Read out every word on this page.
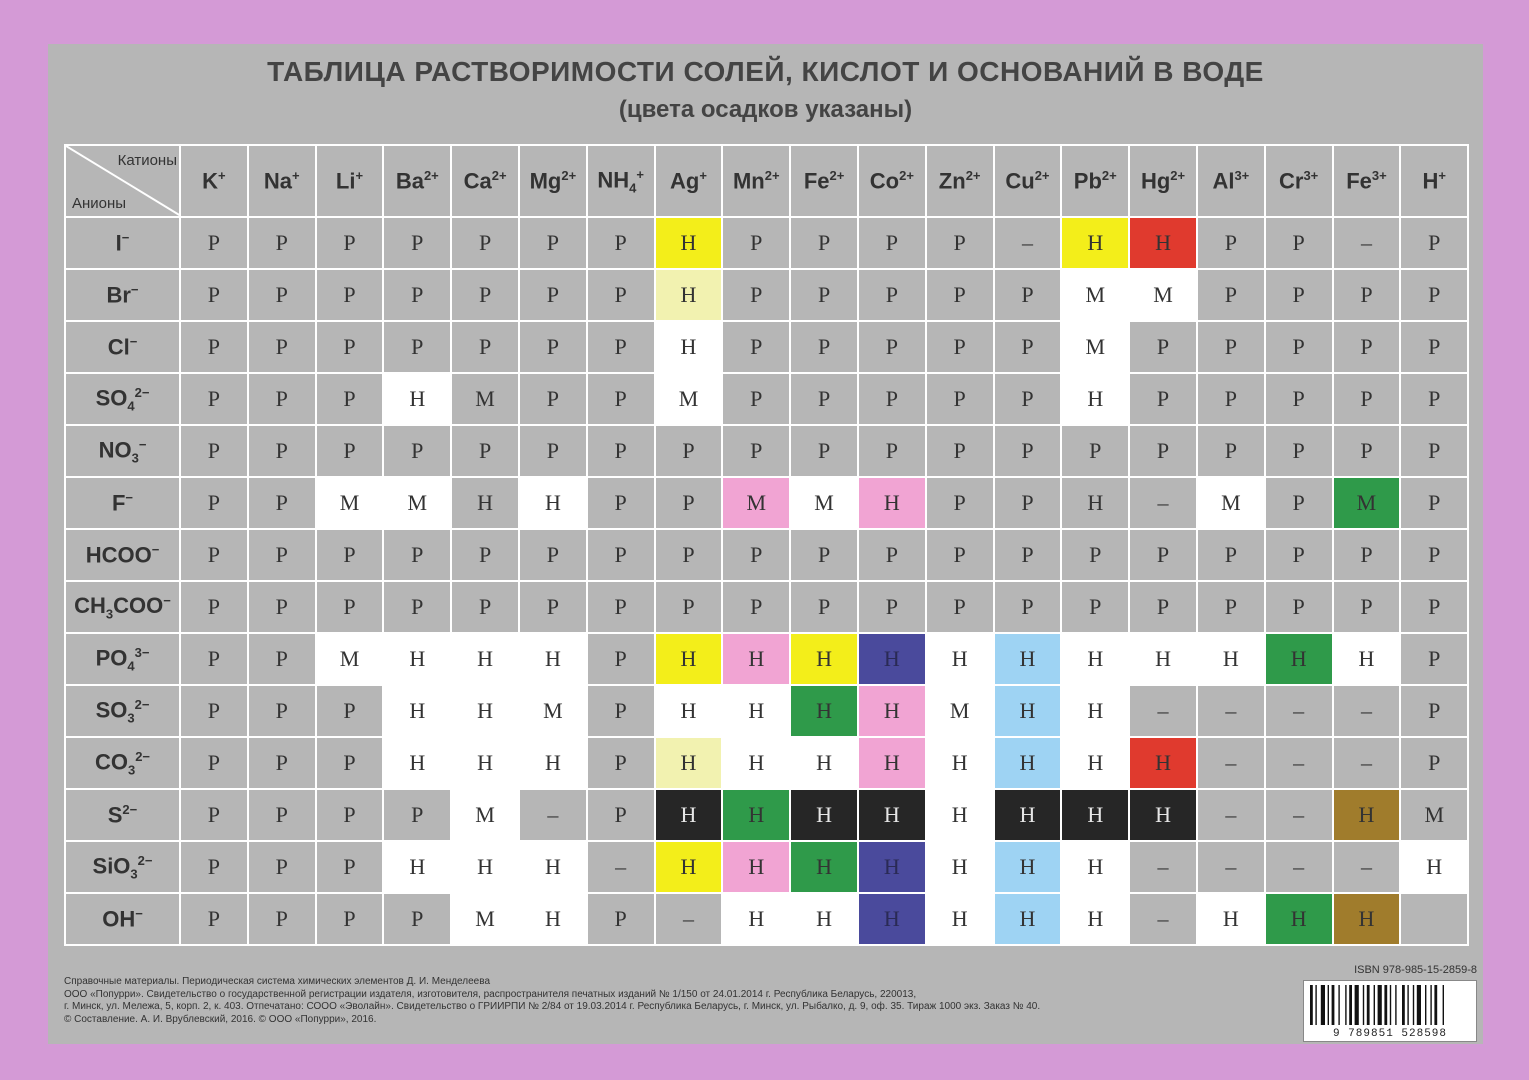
ТАБЛИЦА РАСТВОРИМОСТИ СОЛЕЙ, КИСЛОТ И ОСНОВАНИЙ В ВОДЕ
(цвета осадков указаны)
Катионы
Анионы	K+	Na+	Li+	$Ba^{2+}$	$Ca^{2+}$	$Mg^{2+}$	$NH_4^+$	Ag+	$Mn^{2+}$	$Fe^{2+}$	$Co^{2+}$	$Zn^{2+}$	$Cu^{2+}$	$Pb^{2+}$	$Hg^{2+}$	$Al^{3+}$	$Cr^{3+}$	$Fe^{3+}$	H+
I−	Р	Р	Р	Р	Р	Р	Р	Н	Р	Р	Р	Р	–	Н	Н	Р	Р	–	Р
Br−	Р	Р	Р	Р	Р	Р	Р	Н	Р	Р	Р	Р	Р	М	М	Р	Р	Р	Р
Cl−	Р	Р	Р	Р	Р	Р	Р	Н	Р	Р	Р	Р	Р	М	Р	Р	Р	Р	Р
$SO_4^{2-}$	Р	Р	Р	Н	М	Р	Р	М	Р	Р	Р	Р	Р	Н	Р	Р	Р	Р	Р
$NO_3^-$	Р	Р	Р	Р	Р	Р	Р	Р	Р	Р	Р	Р	Р	Р	Р	Р	Р	Р	Р
F−	Р	Р	М	М	Н	Н	Р	Р	М	М	Н	Р	Р	Н	–	М	Р	М	Р
HCOO−	Р	Р	Р	Р	Р	Р	Р	Р	Р	Р	Р	Р	Р	Р	Р	Р	Р	Р	Р
$CH_3COO^-$	Р	Р	Р	Р	Р	Р	Р	Р	Р	Р	Р	Р	Р	Р	Р	Р	Р	Р	Р
$PO_4^{3-}$	Р	Р	М	Н	Н	Н	Р	Н	Н	Н	Н	Н	Н	Н	Н	Н	Н	Н	Р
$SO_3^{2-}$	Р	Р	Р	Н	Н	М	Р	Н	Н	Н	Н	М	Н	Н	–	–	–	–	Р
$CO_3^{2-}$	Р	Р	Р	Н	Н	Н	Р	Н	Н	Н	Н	Н	Н	Н	Н	–	–	–	Р
$S^{2-}$	Р	Р	Р	Р	М	–	Р	Н	Н	Н	Н	Н	Н	Н	Н	–	–	Н	М
SiO$_3^{2-}$	Р	Р	Р	Н	Н	Н	–	Н	Н	Н	Н	Н	Н	Н	–	–	–	–	Н
OH−	Р	Р	Р	Р	М	Н	Р	–	Н	Н	Н	Н	Н	Н	–	Н	Н	Н	
Справочные материалы. Периодическая система химических элементов Д. И. Менделеева
ООО «Попурри». Свидетельство о государственной регистрации издателя, изготовителя, распространителя печатных изданий № 1/150 от 24.01.2014 г. Республика Беларусь, 220013,
г. Минск, ул. Мележа, 5, корп. 2, к. 403. Отпечатано: СООО «Эволайн». Свидетельство о ГРИИРПИ № 2/84 от 19.03.2014 г. Республика Беларусь, г. Минск, ул. Рыбалко, д. 9, оф. 35. Тираж 1000 экз. Заказ № 40.
© Составление. А. И. Врублевский, 2016. © ООО «Попурри», 2016.
ISBN 978-985-15-2859-8
9 789851 528598
